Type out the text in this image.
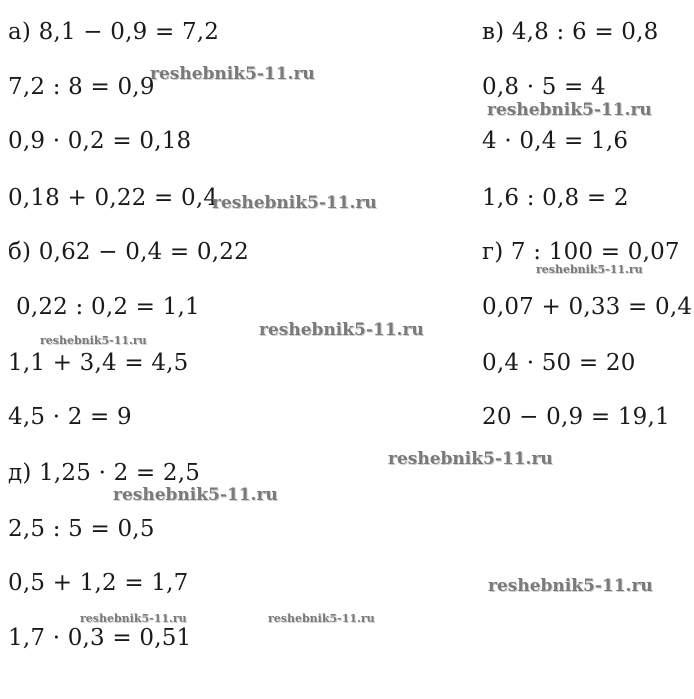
а) 8,1 − 0,9 = 7,2
7,2 : 8 = 0,9
0,9 · 0,2 = 0,18
0,18 + 0,22 = 0,4
б) 0,62 − 0,4 = 0,22
0,22 : 0,2 = 1,1
1,1 + 3,4 = 4,5
4,5 · 2 = 9
д) 1,25 · 2 = 2,5
2,5 : 5 = 0,5
0,5 + 1,2 = 1,7
1,7 · 0,3 = 0,51
в) 4,8 : 6 = 0,8
0,8 · 5 = 4
4 · 0,4 = 1,6
1,6 : 0,8 = 2
г) 7 : 100 = 0,07
0,07 + 0,33 = 0,4
0,4 · 50 = 20
20 − 0,9 = 19,1
reshebnik5-11.ru
reshebnik5-11.ru
reshebnik5-11.ru
reshebnik5-11.ru
reshebnik5-11.ru
reshebnik5-11.ru
reshebnik5-11.ru
reshebnik5-11.ru
reshebnik5-11.ru
reshebnik5-11.ru	reshebnik5-11.ru
